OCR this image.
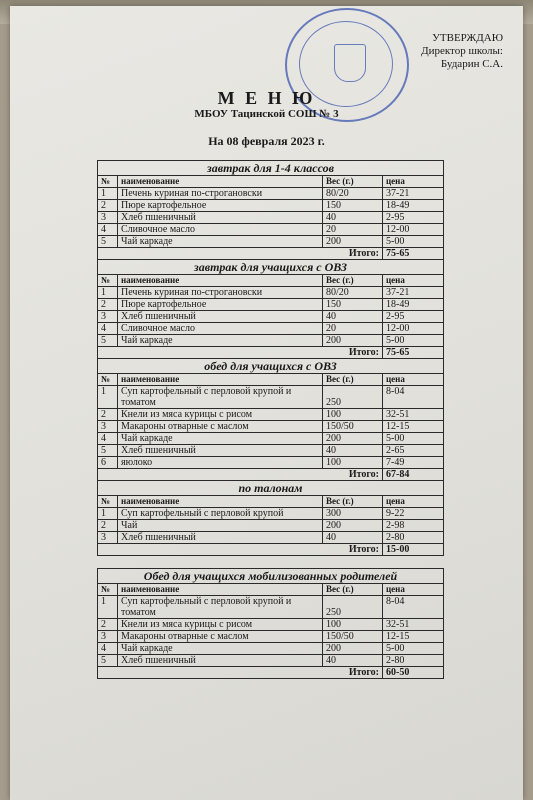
УТВЕРЖДАЮ
Директор школы:
Бударин С.А.
М Е Н Ю
МБОУ Тацинской СОШ № 3
На 08 февраля 2023 г.
завтрак для 1-4 классов			
№	наименование	Вес (г.)	цена
1	Печень куриная по-строгановски	80/20	37-21
2	Пюре картофельное	150	18-49
3	Хлеб пшеничный	40	2-95
4	Сливочное масло	20	12-00
5	Чай каркаде	200	5-00
Итого:			75-65
завтрак для учащихся с ОВЗ			
№	наименование	Вес (г.)	цена
1	Печень куриная по-строгановски	80/20	37-21
2	Пюре картофельное	150	18-49
3	Хлеб пшеничный	40	2-95
4	Сливочное масло	20	12-00
5	Чай каркаде	200	5-00
Итого:			75-65
обед для учащихся с ОВЗ			
№	наименование	Вес (г.)	цена
1	Суп картофельный с перловой крупой и томатом	250	8-04
2	Кнели из мяса курицы с рисом	100	32-51
3	Макароны отварные с маслом	150/50	12-15
4	Чай каркаде	200	5-00
5	Хлеб пшеничный	40	2-65
6	яюлоко	100	7-49
Итого:			67-84
по талонам			
№	наименование	Вес (г.)	цена
1	Суп картофельный с перловой крупой	300	9-22
2	Чай	200	2-98
3	Хлеб пшеничный	40	2-80
Итого:			15-00

Обед для учащихся мобилизованных родителей			
№	наименование	Вес (г.)	цена
1	Суп картофельный с перловой крупой и томатом	250	8-04
2	Кнели из мяса курицы с рисом	100	32-51
3	Макароны отварные с маслом	150/50	12-15
4	Чай каркаде	200	5-00
5	Хлеб пшеничный	40	2-80
Итого:			60-50
